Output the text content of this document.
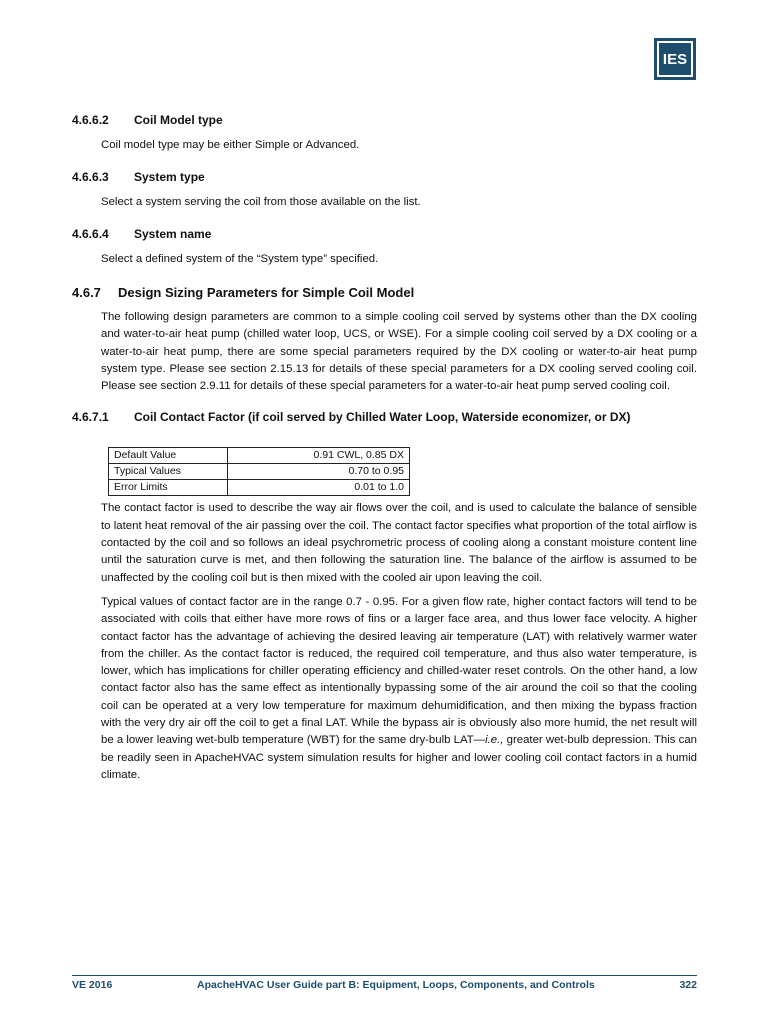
IES
4.6.6.2 Coil Model type

Coil model type may be either Simple or Advanced.

4.6.6.3 System type

Select a system serving the coil from those available on the list.

4.6.6.4 System name

Select a defined system of the “System type” specified.

4.6.7 Design Sizing Parameters for Simple Coil Model

The following design parameters are common to a simple cooling coil served by systems other than the DX cooling and water-to-air heat pump (chilled water loop, UCS, or WSE). For a simple cooling coil served by a DX cooling or a water-to-air heat pump, there are some special parameters required by the DX cooling or water-to-air heat pump system type. Please see section 2.15.13 for details of these special parameters for a DX cooling served cooling coil. Please see section 2.9.11 for details of these special parameters for a water-to-air heat pump served cooling coil.

4.6.7.1 Coil Contact Factor (if coil served by Chilled Water Loop, Waterside economizer, or DX)
Default Value	0.91 CWL, 0.85 DX
Typical Values	0.70 to 0.95
Error Limits	0.01 to 1.0

The contact factor is used to describe the way air flows over the coil, and is used to calculate the balance of sensible to latent heat removal of the air passing over the coil. The contact factor specifies what proportion of the total airflow is contacted by the coil and so follows an ideal psychrometric process of cooling along a constant moisture content line until the saturation curve is met, and then following the saturation line. The balance of the airflow is assumed to be unaffected by the cooling coil but is then mixed with the cooled air upon leaving the coil.

Typical values of contact factor are in the range 0.7 - 0.95. For a given flow rate, higher contact factors will tend to be associated with coils that either have more rows of fins or a larger face area, and thus lower face velocity. A higher contact factor has the advantage of achieving the desired leaving air temperature (LAT) with relatively warmer water from the chiller. As the contact factor is reduced, the required coil temperature, and thus also water temperature, is lower, which has implications for chiller operating efficiency and chilled-water reset controls. On the other hand, a low contact factor also has the same effect as intentionally bypassing some of the air around the coil so that the cooling coil can be operated at a very low temperature for maximum dehumidification, and then mixing the bypass fraction with the very dry air off the coil to get a final LAT. While the bypass air is obviously also more humid, the net result will be a lower leaving wet-bulb temperature (WBT) for the same dry-bulb LAT—i.e., greater wet-bulb depression. This can be readily seen in ApacheHVAC system simulation results for higher and lower cooling coil contact factors in a humid climate.

VE 2016	ApacheHVAC User Guide part B: Equipment, Loops, Components, and Controls	322
